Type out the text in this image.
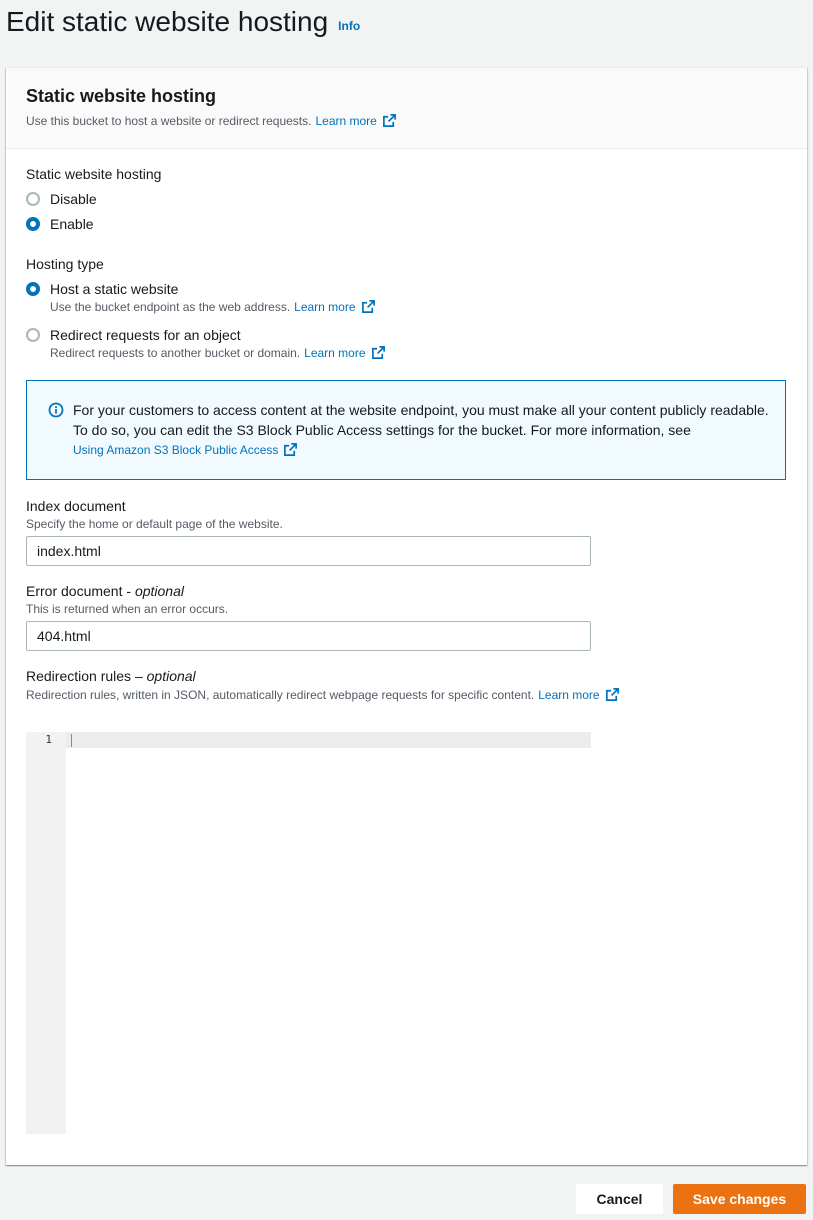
Edit static website hosting Info
Static website hosting
Use this bucket to host a website or redirect requests. Learn more
Static website hosting
Disable
Enable
Hosting type
Host a static website
Use the bucket endpoint as the web address. Learn more
Redirect requests for an object
Redirect requests to another bucket or domain. Learn more
For your customers to access content at the website endpoint, you must make all your content publicly readable. To do so, you can edit the S3 Block Public Access settings for the bucket. For more information, see
Using Amazon S3 Block Public Access
Index document
Specify the home or default page of the website.
index.html
Error document - optional
This is returned when an error occurs.
404.html
Redirection rules – optional
Redirection rules, written in JSON, automatically redirect webpage requests for specific content. Learn more
1
Cancel	Save changes
